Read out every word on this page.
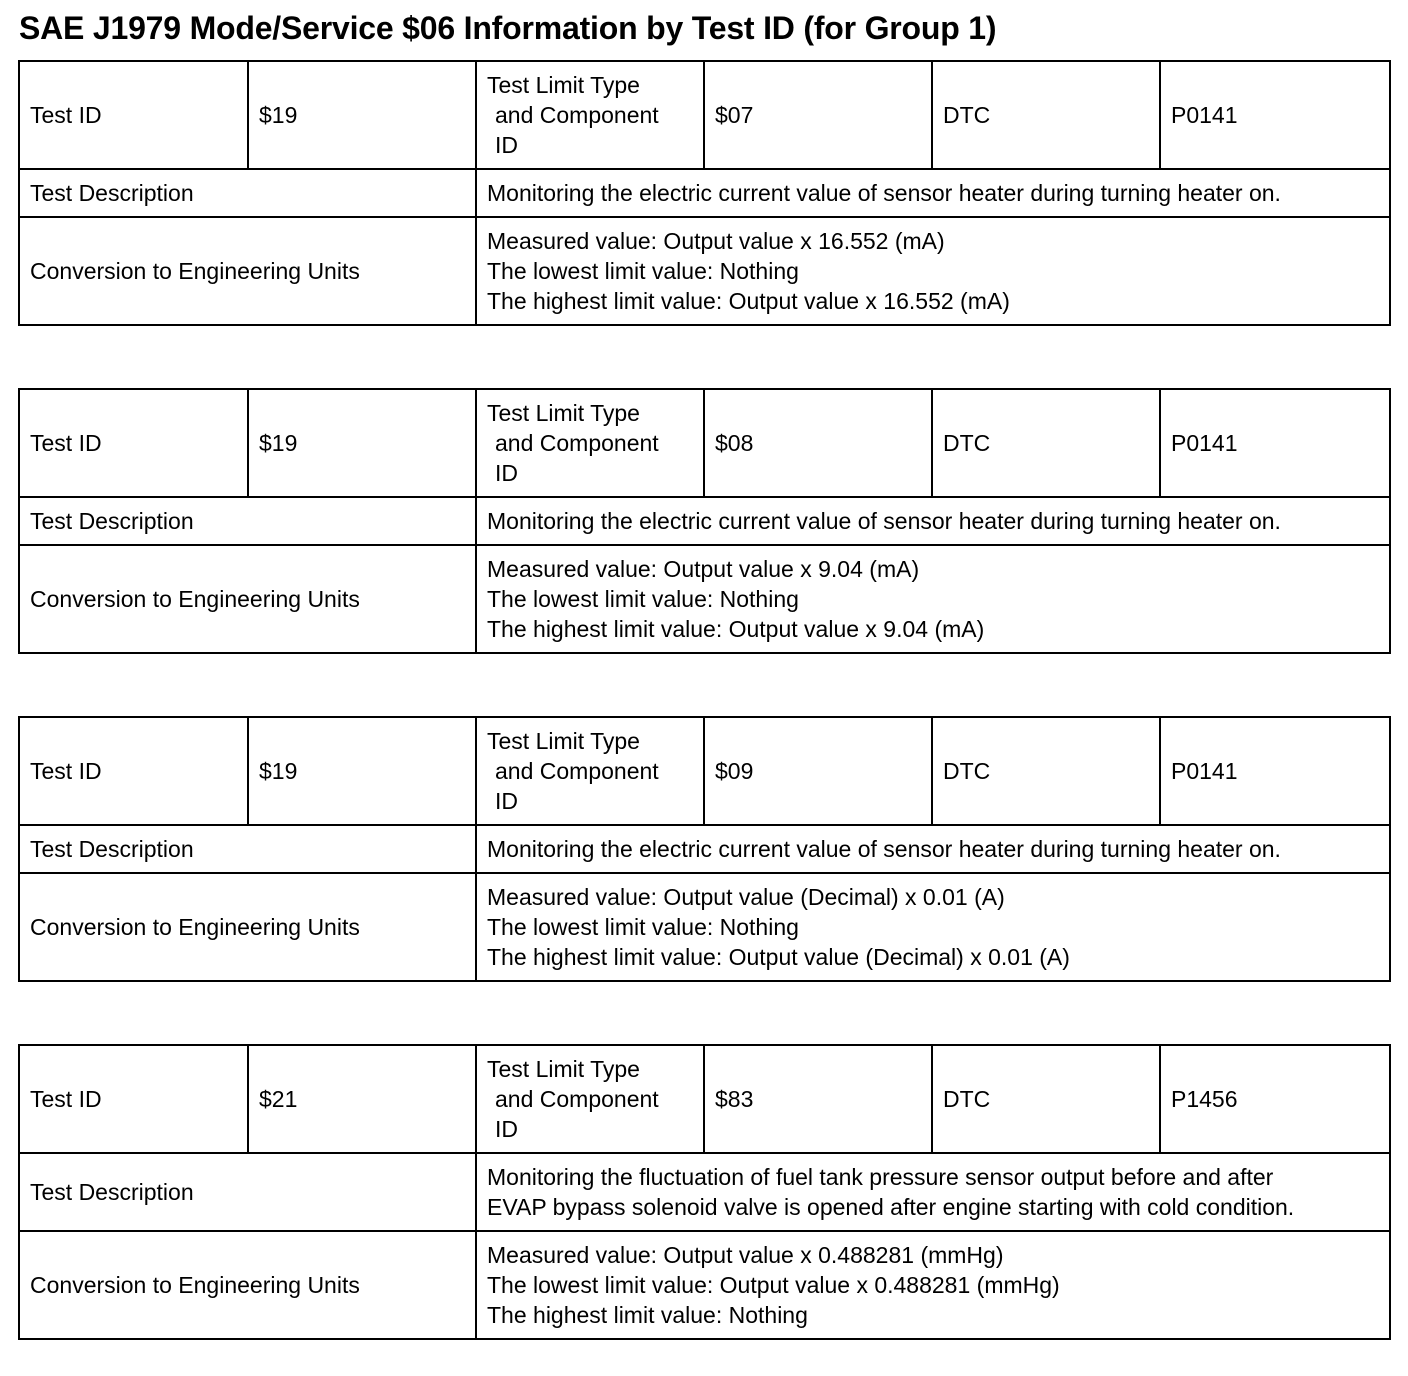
SAE J1979 Mode/Service $06 Information by Test ID (for Group 1)
Test ID	$19	Test Limit Type
and Component
ID	$07	DTC	P0141
Test Description		Monitoring the electric current value of sensor heater during turning heater on.			

Conversion to Engineering Units		Measured value: Output value x 16.552 (mA)
The lowest limit value: Nothing
The highest limit value: Output value x 16.552 (mA)			
Test ID	$19	Test Limit Type
and Component
ID	$08	DTC	P0141
Test Description		Monitoring the electric current value of sensor heater during turning heater on.			

Conversion to Engineering Units		Measured value: Output value x 9.04 (mA)
The lowest limit value: Nothing
The highest limit value: Output value x 9.04 (mA)			
Test ID	$19	Test Limit Type
and Component
ID	$09	DTC	P0141
Test Description		Monitoring the electric current value of sensor heater during turning heater on.			

Conversion to Engineering Units		Measured value: Output value (Decimal) x 0.01 (A)
The lowest limit value: Nothing
The highest limit value: Output value (Decimal) x 0.01 (A)			
Test ID	$21	Test Limit Type
and Component
ID	$83	DTC	P1456
Test Description		Monitoring the fluctuation of fuel tank pressure sensor output before and after
EVAP bypass solenoid valve is opened after engine starting with cold condition.			

Conversion to Engineering Units		Measured value: Output value x 0.488281 (mmHg)
The lowest limit value: Output value x 0.488281 (mmHg)
The highest limit value: Nothing			
